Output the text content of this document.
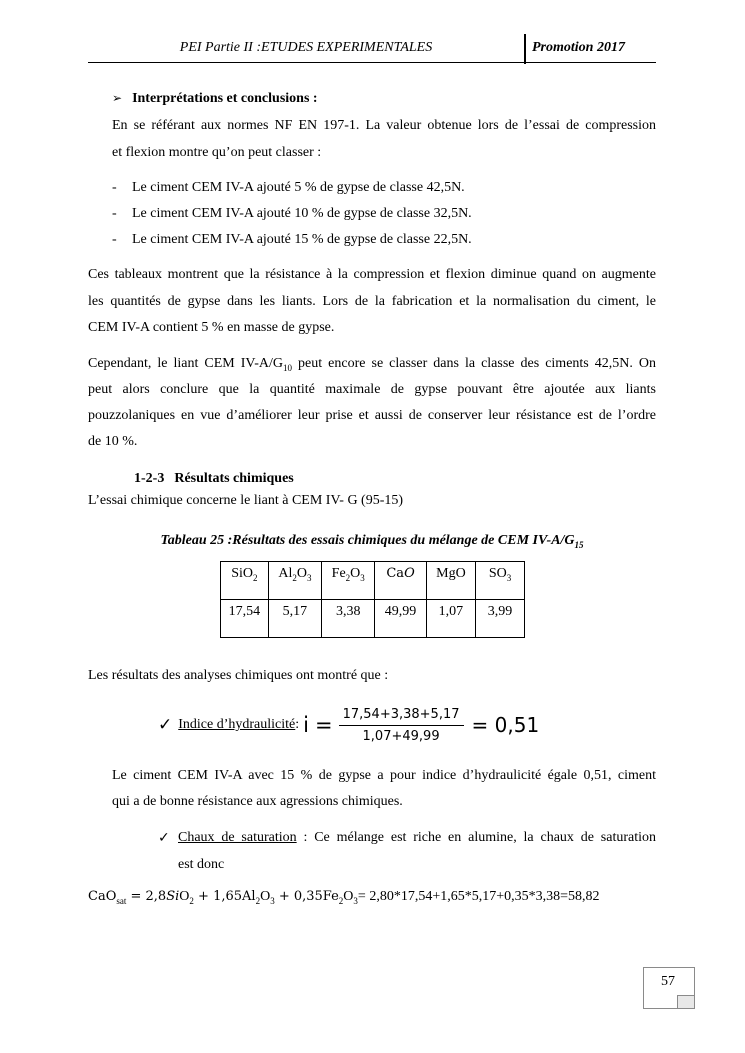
PEI Partie II :ETUDES EXPERIMENTALES	Promotion 2017
➢ Interprétations et conclusions :
En se référant aux normes NF EN 197-1. La valeur obtenue lors de l’essai de compression
et flexion montre qu’on peut classer :
- Le ciment CEM IV-A ajouté 5 % de gypse de classe 42,5N.
- Le ciment CEM IV-A ajouté 10 % de gypse de classe 32,5N.
- Le ciment CEM IV-A ajouté 15 % de gypse de classe 22,5N.
Ces tableaux montrent que la résistance à la compression et flexion diminue quand on augmente
les quantités de gypse dans les liants. Lors de la fabrication et la normalisation du ciment, le
CEM IV-A contient 5 % en masse de gypse.
Cependant, le liant CEM $IV-A/G_{10}$ peut encore se classer dans la classe des ciments 42,5N. On
peut alors conclure que la quantité maximale de gypse pouvant être ajoutée aux liants
pouzzolaniques en vue d’améliorer leur prise et aussi de conserver leur résistance est de l’ordre
de 10 %.
1-2-3 Résultats chimiques
L’essai chimique concerne le liant à CEM IV- G (95-15)
Tableau 25 :Résultats des essais chimiques du mélange de CEM $IV-A/G_{15}$
SiO$_2$	$Al_2O_3$	$Fe_2O_3$	CaO	MgO	$SO_3$
17,54	5,17	3,38	49,99	1,07	3,99
Les résultats des analyses chimiques ont montré que :
✓ Indice d’hydraulicité : $i = \frac{17,54+3,38+5,17}{1,07+49,99} = 0,51$
Le ciment CEM IV-A avec 15 % de gypse a pour indice d’hydraulicité égale 0,51, ciment
qui a de bonne résistance aux agressions chimiques.
✓ Chaux de saturation : Ce mélange est riche en alumine, la chaux de saturation
est donc
$CaO_{sat} = 2,8SiO_2 + 1,65Al_2O_3 + 0,35Fe_2O_3= 2,80*17,54+1,65*5,17+0,35*3,38=58,82$
57
